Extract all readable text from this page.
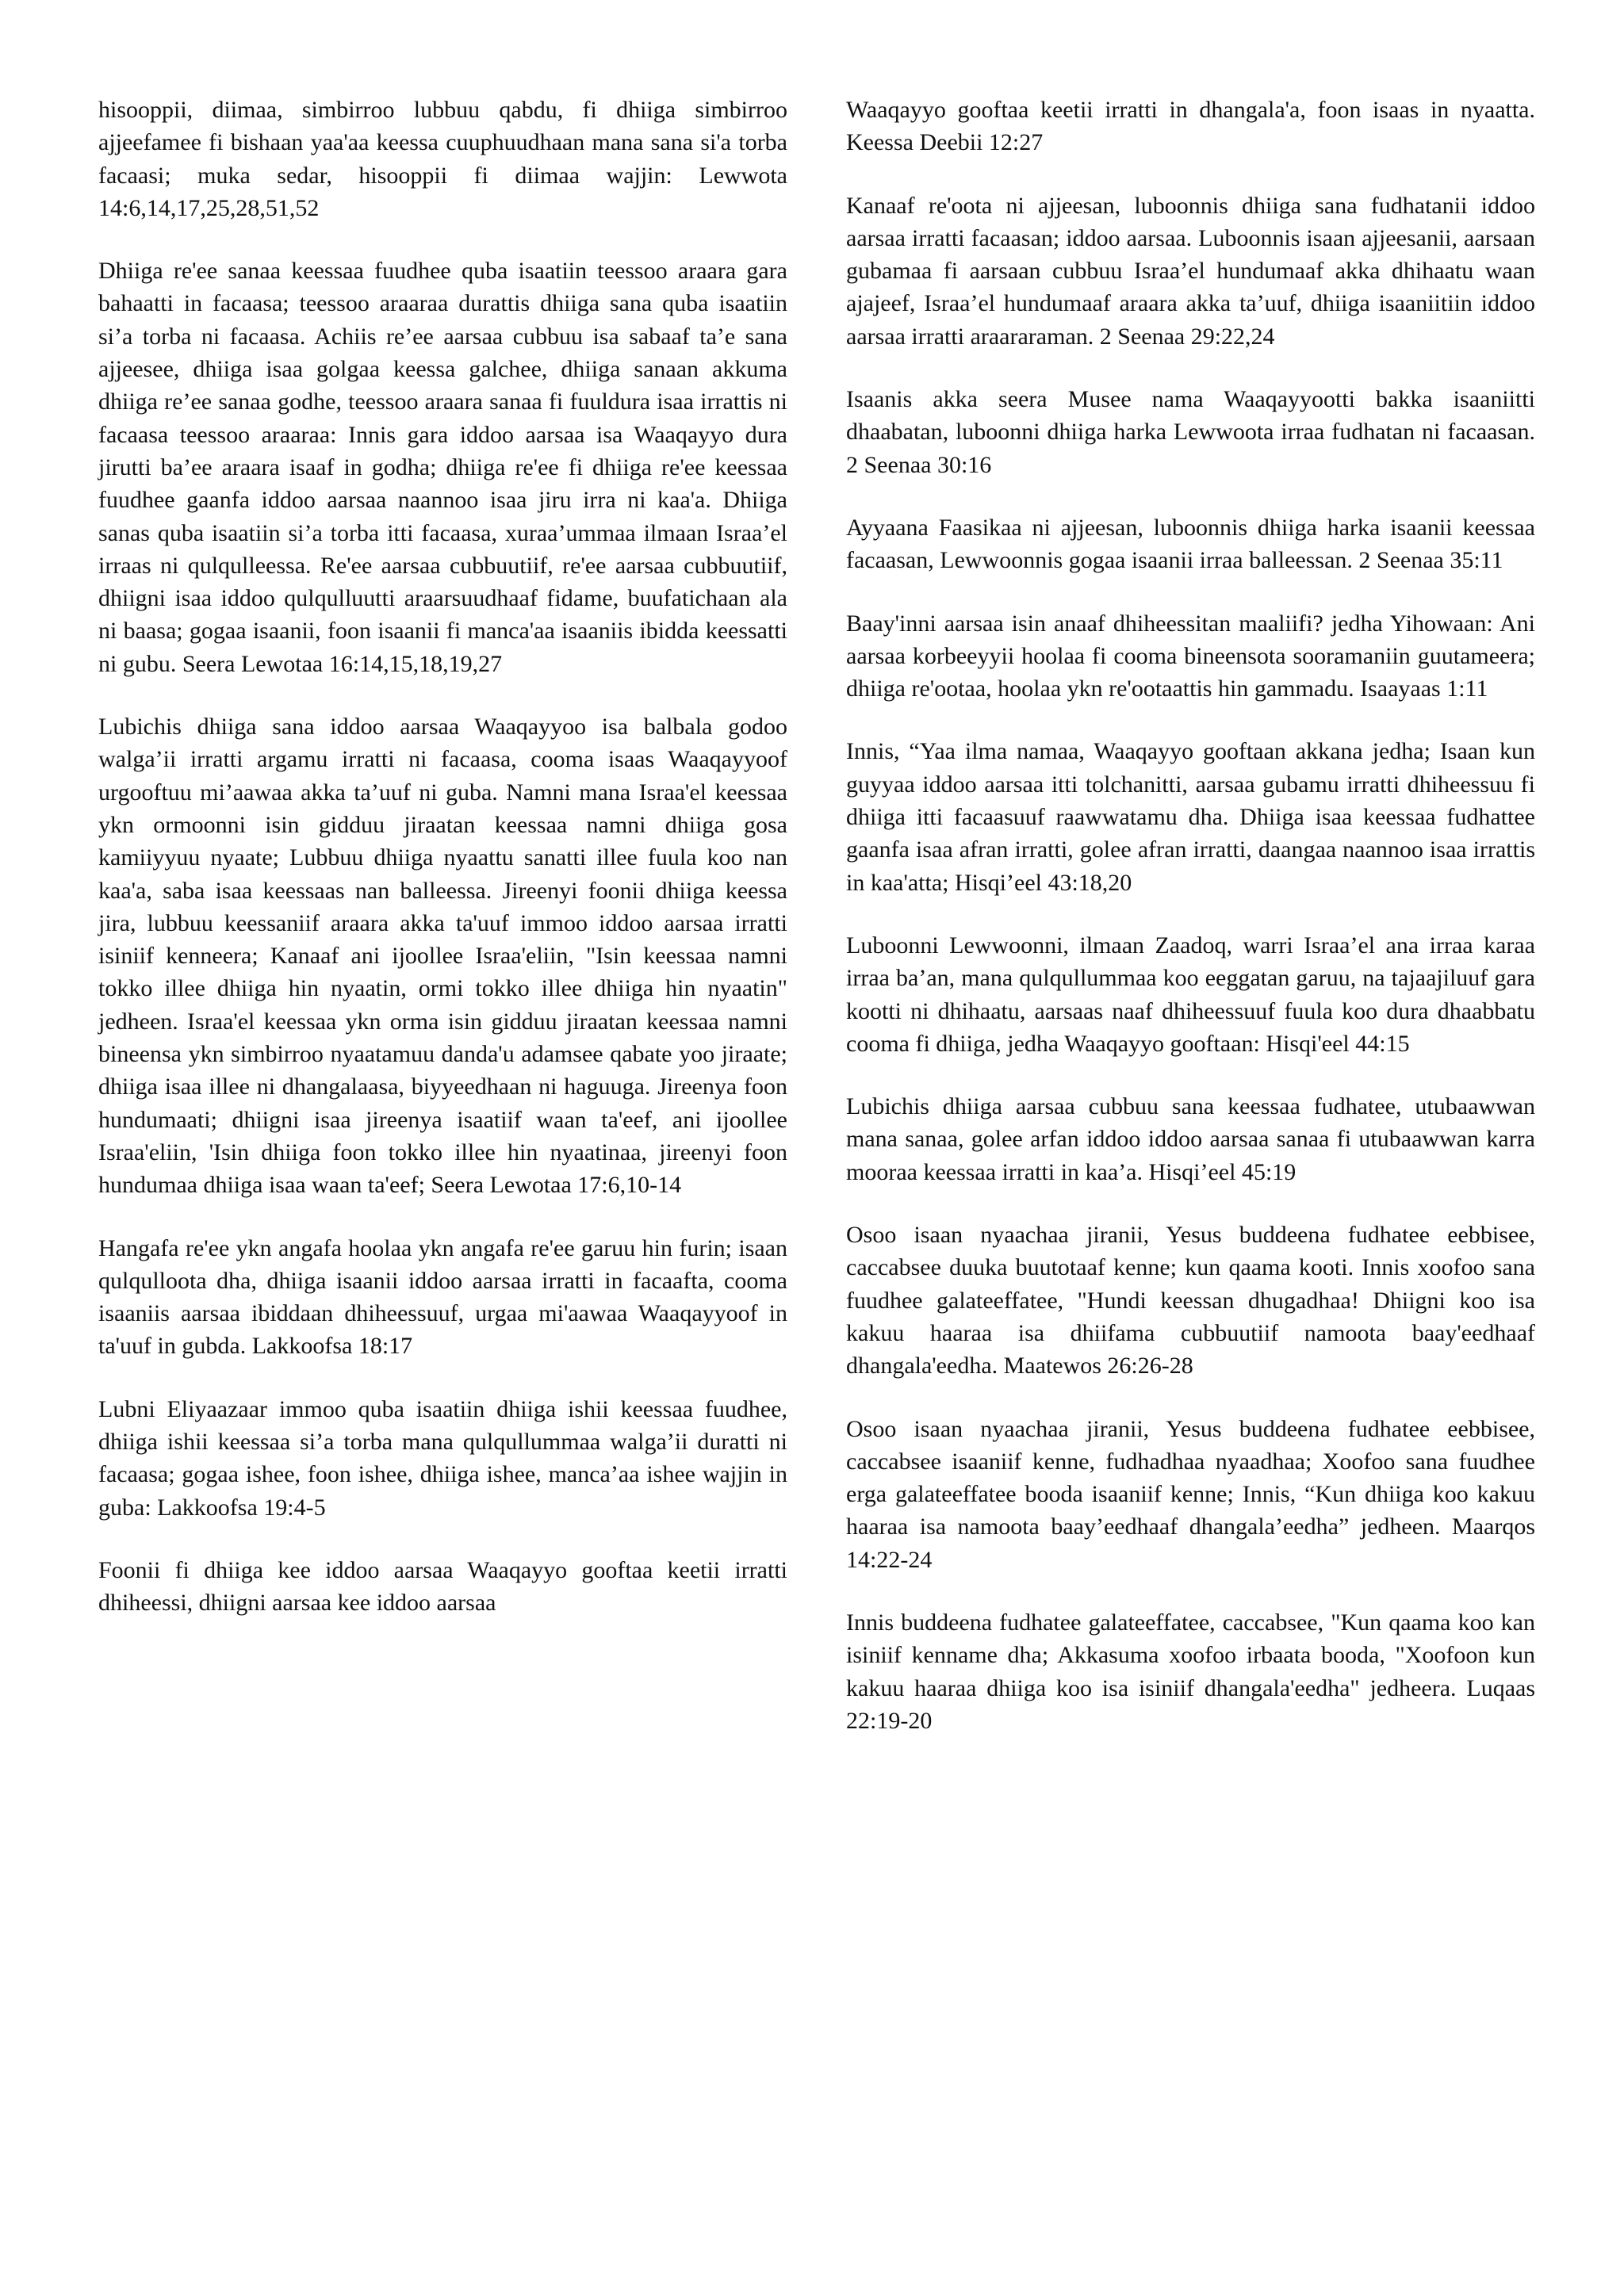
hisooppii, diimaa, simbirroo lubbuu qabdu, fi dhiiga simbirroo ajjeefamee fi bishaan yaa'aa keessa cuuphuudhaan mana sana si'a torba facaasi; muka sedar, hisooppii fi diimaa wajjin: Lewwota 14:6,14,17,25,28,51,52

Dhiiga re'ee sanaa keessaa fuudhee quba isaatiin teessoo araara gara bahaatti in facaasa; teessoo araaraa durattis dhiiga sana quba isaatiin si’a torba ni facaasa. Achiis re’ee aarsaa cubbuu isa sabaaf ta’e sana ajjeesee, dhiiga isaa golgaa keessa galchee, dhiiga sanaan akkuma dhiiga re’ee sanaa godhe, teessoo araara sanaa fi fuuldura isaa irrattis ni facaasa teessoo araaraa: Innis gara iddoo aarsaa isa Waaqayyo dura jirutti ba’ee araara isaaf in godha; dhiiga re'ee fi dhiiga re'ee keessaa fuudhee gaanfa iddoo aarsaa naannoo isaa jiru irra ni kaa'a. Dhiiga sanas quba isaatiin si’a torba itti facaasa, xuraa’ummaa ilmaan Israa’el irraas ni qulqulleessa. Re'ee aarsaa cubbuutiif, re'ee aarsaa cubbuutiif, dhiigni isaa iddoo qulqulluutti araarsuudhaaf fidame, buufatichaan ala ni baasa; gogaa isaanii, foon isaanii fi manca'aa isaaniis ibidda keessatti ni gubu. Seera Lewotaa 16:14,15,18,19,27

Lubichis dhiiga sana iddoo aarsaa Waaqayyoo isa balbala godoo walga’ii irratti argamu irratti ni facaasa, cooma isaas Waaqayyoof urgooftuu mi’aawaa akka ta’uuf ni guba. Namni mana Israa'el keessaa ykn ormoonni isin gidduu jiraatan keessaa namni dhiiga gosa kamiiyyuu nyaate; Lubbuu dhiiga nyaattu sanatti illee fuula koo nan kaa'a, saba isaa keessaas nan balleessa. Jireenyi foonii dhiiga keessa jira, lubbuu keessaniif araara akka ta'uuf immoo iddoo aarsaa irratti isiniif kenneera; Kanaaf ani ijoollee Israa'eliin, "Isin keessaa namni tokko illee dhiiga hin nyaatin, ormi tokko illee dhiiga hin nyaatin" jedheen. Israa'el keessaa ykn orma isin gidduu jiraatan keessaa namni bineensa ykn simbirroo nyaatamuu danda'u adamsee qabate yoo jiraate; dhiiga isaa illee ni dhangalaasa, biyyeedhaan ni haguuga. Jireenya foon hundumaati; dhiigni isaa jireenya isaatiif waan ta'eef, ani ijoollee Israa'eliin, 'Isin dhiiga foon tokko illee hin nyaatinaa, jireenyi foon hundumaa dhiiga isaa waan ta'eef; Seera Lewotaa 17:6,10-14

Hangafa re'ee ykn angafa hoolaa ykn angafa re'ee garuu hin furin; isaan qulqulloota dha, dhiiga isaanii iddoo aarsaa irratti in facaafta, cooma isaaniis aarsaa ibiddaan dhiheessuuf, urgaa mi'aawaa Waaqayyoof in ta'uuf in gubda. Lakkoofsa 18:17

Lubni Eliyaazaar immoo quba isaatiin dhiiga ishii keessaa fuudhee, dhiiga ishii keessaa si’a torba mana qulqullummaa walga’ii duratti ni facaasa; gogaa ishee, foon ishee, dhiiga ishee, manca’aa ishee wajjin in guba: Lakkoofsa 19:4-5

Foonii fi dhiiga kee iddoo aarsaa Waaqayyo gooftaa keetii irratti dhiheessi, dhiigni aarsaa kee iddoo aarsaa

Waaqayyo gooftaa keetii irratti in dhangala'a, foon isaas in nyaatta. Keessa Deebii 12:27

Kanaaf re'oota ni ajjeesan, luboonnis dhiiga sana fudhatanii iddoo aarsaa irratti facaasan; iddoo aarsaa. Luboonnis isaan ajjeesanii, aarsaan gubamaa fi aarsaan cubbuu Israa’el hundumaaf akka dhihaatu waan ajajeef, Israa’el hundumaaf araara akka ta’uuf, dhiiga isaaniitiin iddoo aarsaa irratti araararaman. 2 Seenaa 29:22,24

Isaanis akka seera Musee nama Waaqayyootti bakka isaaniitti dhaabatan, luboonni dhiiga harka Lewwoota irraa fudhatan ni facaasan. 2 Seenaa 30:16

Ayyaana Faasikaa ni ajjeesan, luboonnis dhiiga harka isaanii keessaa facaasan, Lewwoonnis gogaa isaanii irraa balleessan. 2 Seenaa 35:11

Baay'inni aarsaa isin anaaf dhiheessitan maaliifi? jedha Yihowaan: Ani aarsaa korbeeyyii hoolaa fi cooma bineensota sooramaniin guutameera; dhiiga re'ootaa, hoolaa ykn re'ootaattis hin gammadu. Isaayaas 1:11

Innis, “Yaa ilma namaa, Waaqayyo gooftaan akkana jedha; Isaan kun guyyaa iddoo aarsaa itti tolchanitti, aarsaa gubamu irratti dhiheessuu fi dhiiga itti facaasuuf raawwatamu dha. Dhiiga isaa keessaa fudhattee gaanfa isaa afran irratti, golee afran irratti, daangaa naannoo isaa irrattis in kaa'atta; Hisqi’eel 43:18,20

Luboonni Lewwoonni, ilmaan Zaadoq, warri Israa’el ana irraa karaa irraa ba’an, mana qulqullummaa koo eeggatan garuu, na tajaajiluuf gara kootti ni dhihaatu, aarsaas naaf dhiheessuuf fuula koo dura dhaabbatu cooma fi dhiiga, jedha Waaqayyo gooftaan: Hisqi'eel 44:15

Lubichis dhiiga aarsaa cubbuu sana keessaa fudhatee, utubaawwan mana sanaa, golee arfan iddoo iddoo aarsaa sanaa fi utubaawwan karra mooraa keessaa irratti in kaa’a. Hisqi’eel 45:19

Osoo isaan nyaachaa jiranii, Yesus buddeena fudhatee eebbisee, caccabsee duuka buutotaaf kenne; kun qaama kooti. Innis xoofoo sana fuudhee galateeffatee, "Hundi keessan dhugadhaa! Dhiigni koo isa kakuu haaraa isa dhiifama cubbuutiif namoota baay'eedhaaf dhangala'eedha. Maatewos 26:26-28

Osoo isaan nyaachaa jiranii, Yesus buddeena fudhatee eebbisee, caccabsee isaaniif kenne, fudhadhaa nyaadhaa; Xoofoo sana fuudhee erga galateeffatee booda isaaniif kenne; Innis, “Kun dhiiga koo kakuu haaraa isa namoota baay’eedhaaf dhangala’eedha” jedheen. Maarqos 14:22-24

Innis buddeena fudhatee galateeffatee, caccabsee, "Kun qaama koo kan isiniif kenname dha; Akkasuma xoofoo irbaata booda, "Xoofoon kun kakuu haaraa dhiiga koo isa isiniif dhangala'eedha" jedheera. Luqaas 22:19-20
